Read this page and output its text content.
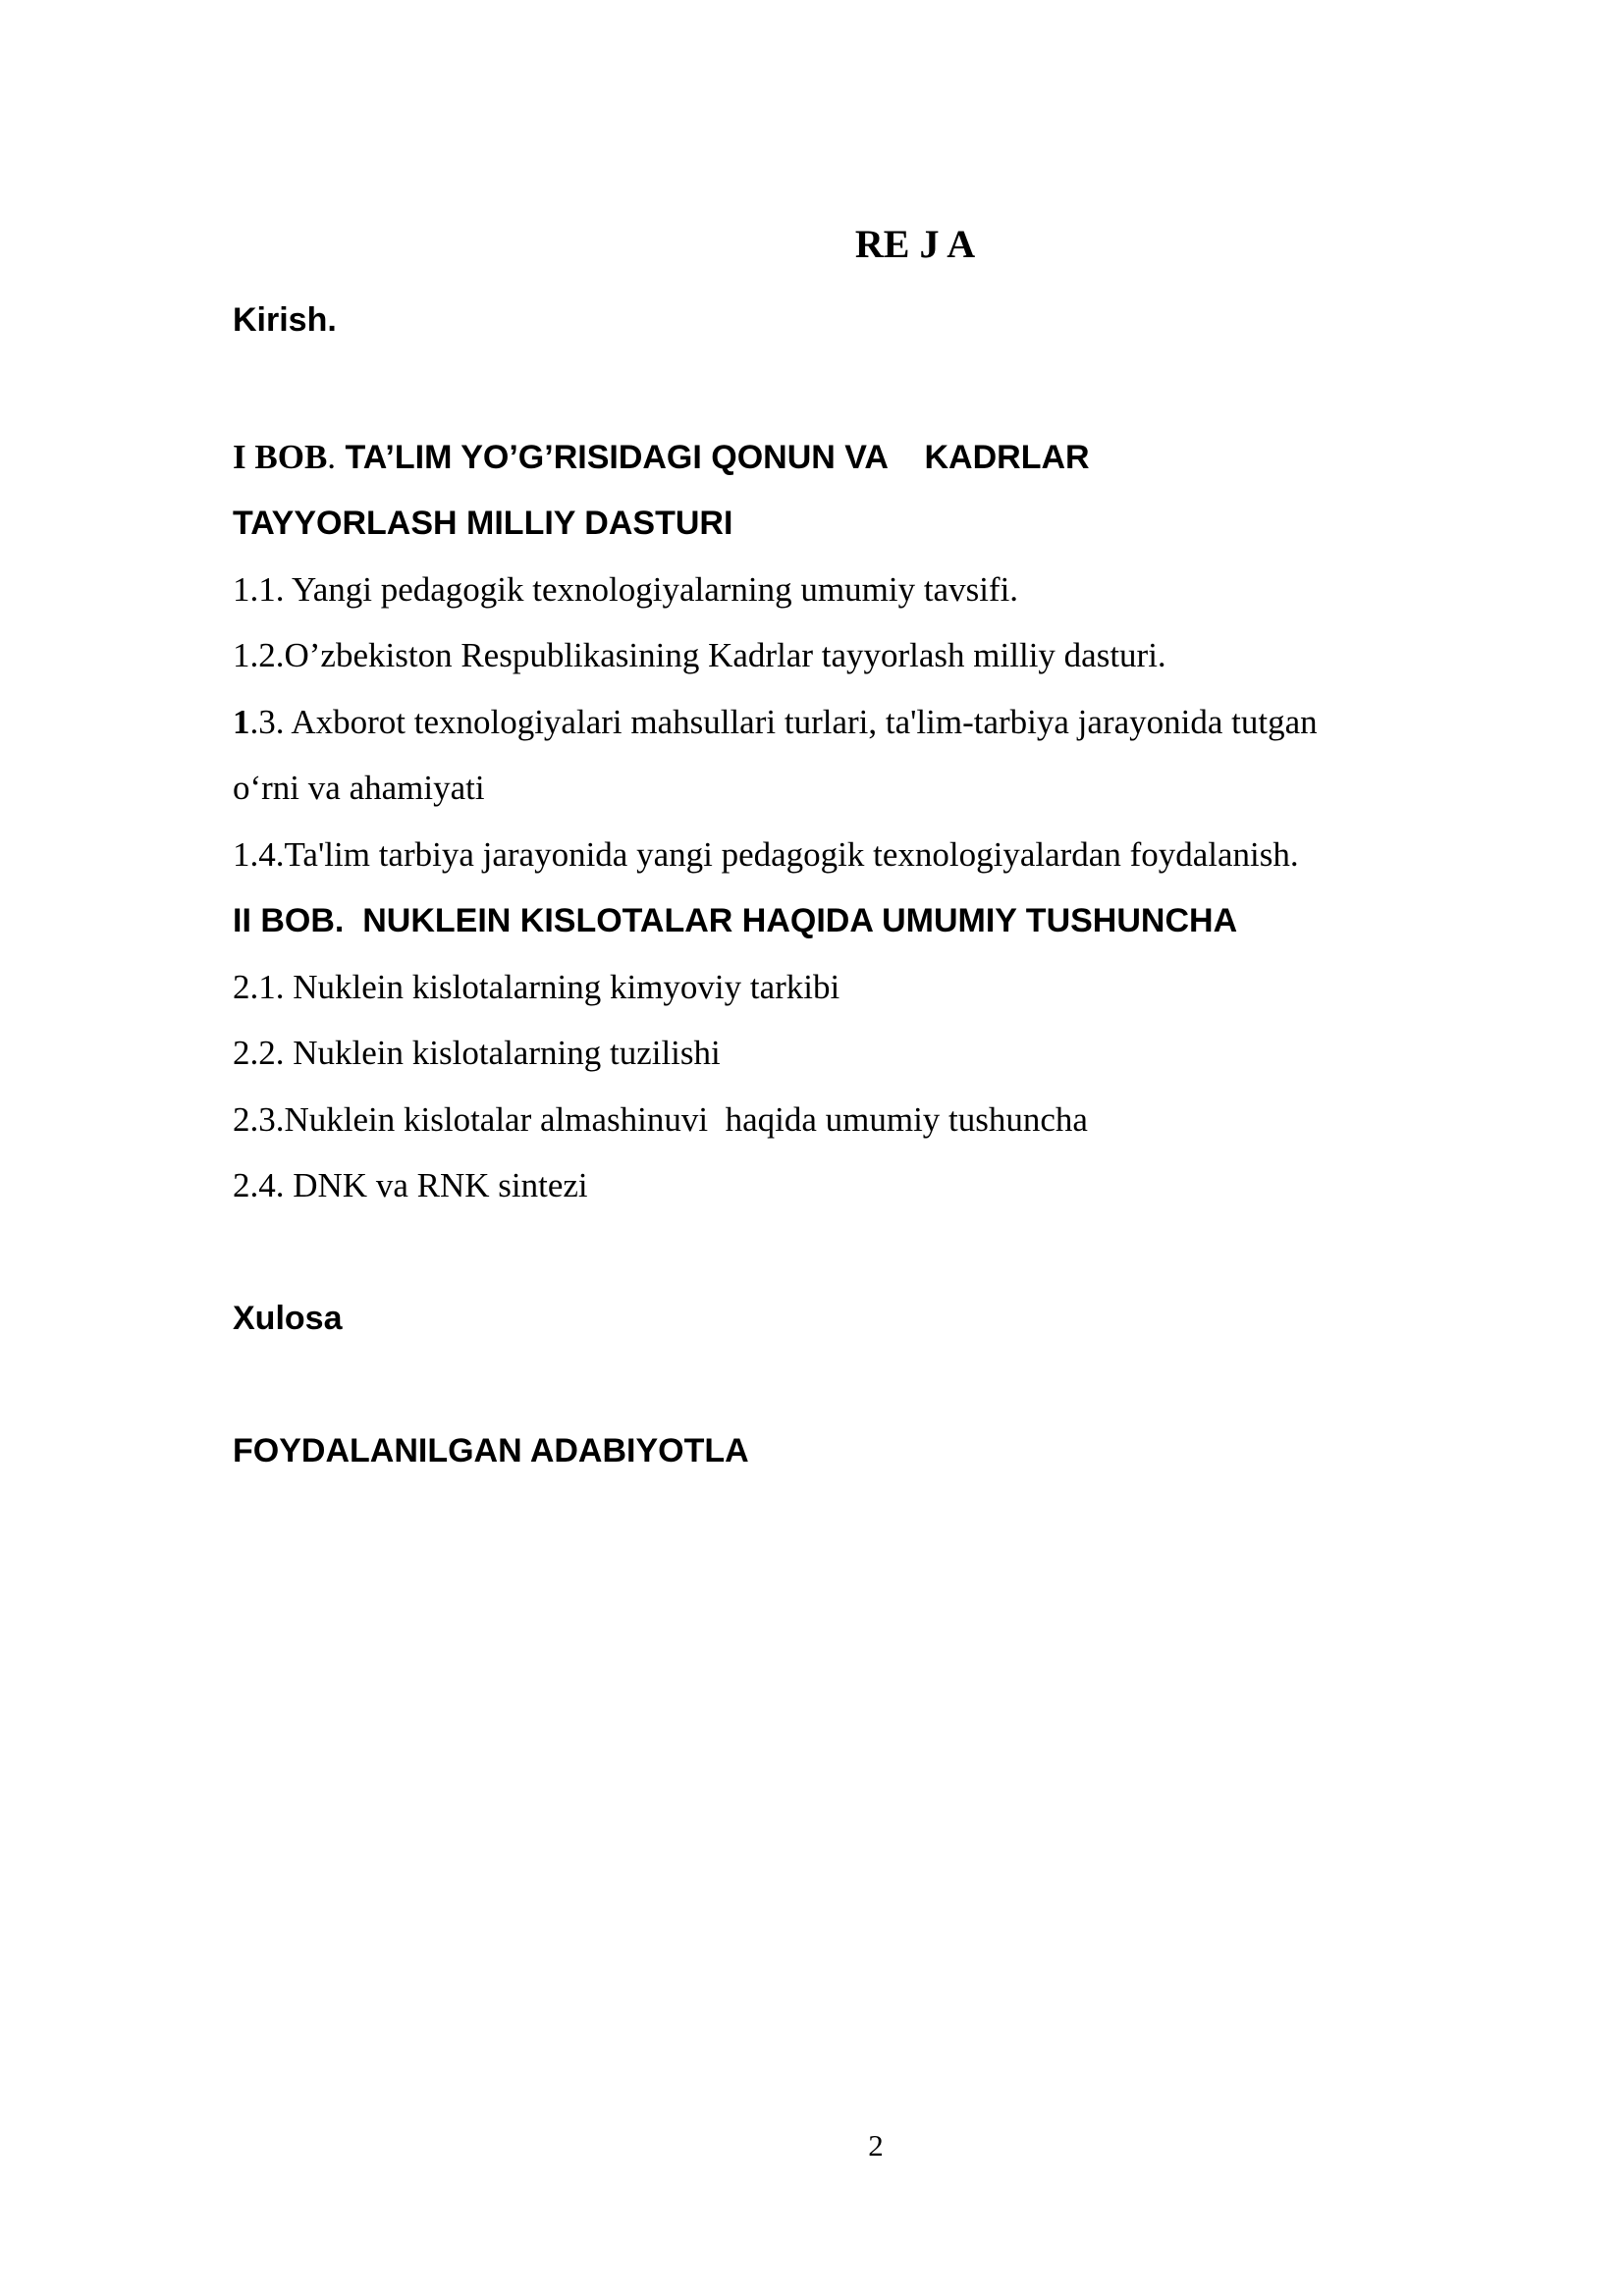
RE J A
Kirish.
I BOB. TA’LIM YO’G’RISIDAGI QONUN VA    KADRLAR
TAYYORLASH MILLIY DASTURI
1.1. Yangi pedagogik texnologiyalarning umumiy tavsifi.
1.2.O’zbekiston Respublikasining Kadrlar tayyorlash milliy dasturi.
1.3. Axborot texnologiyalari mahsullari turlari, ta'lim-tarbiya jarayonida tutgan
o‘rni va ahamiyati
1.4.Ta'lim tarbiya jarayonida yangi pedagogik texnologiyalardan foydalanish.
II BOB.  NUKLEIN KISLOTALAR HAQIDA UMUMIY TUSHUNCHA
2.1. Nuklein kislotalarning kimyoviy tarkibi
2.2. Nuklein kislotalarning tuzilishi
2.3.Nuklein kislotalar almashinuvi  haqida umumiy tushuncha
2.4. DNK va RNK sintezi
Xulosa
FOYDALANILGAN ADABIYOTLA
2
